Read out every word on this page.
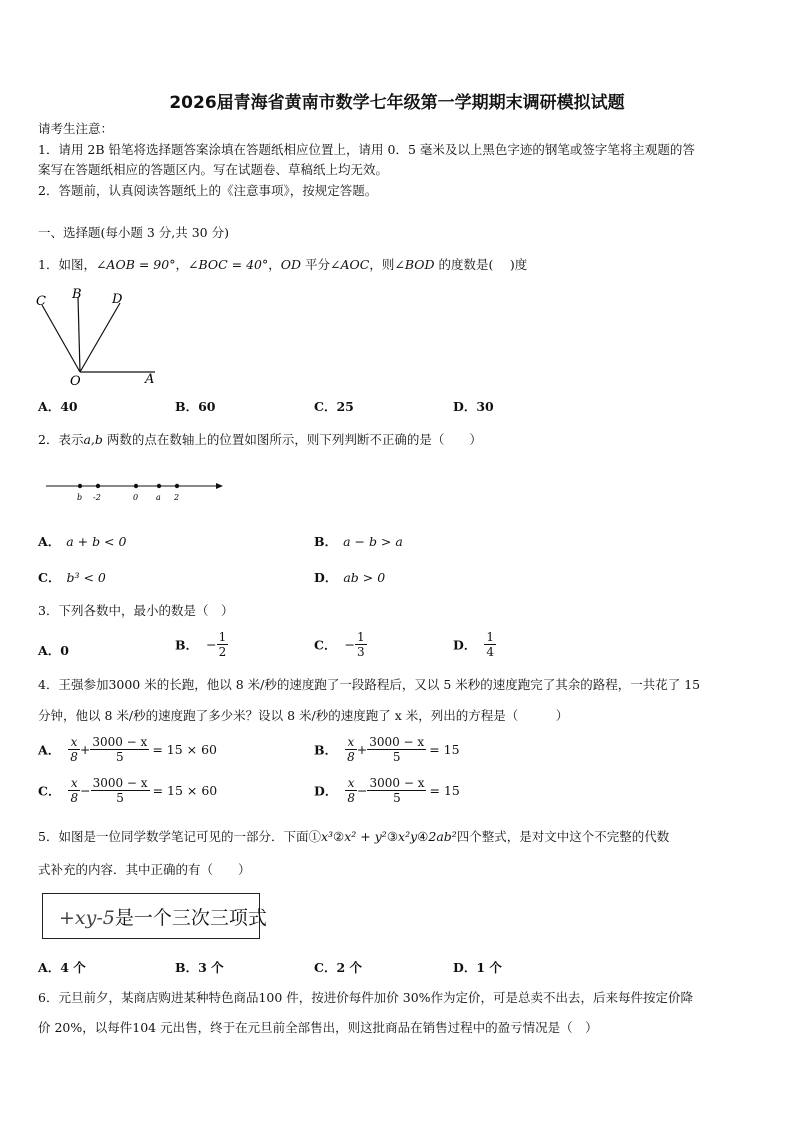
2026届青海省黄南市数学七年级第一学期期末调研模拟试题
请考生注意：
1．请用 2B 铅笔将选择题答案涂填在答题纸相应位置上，请用 0．5 毫米及以上黑色字迹的钢笔或签字笔将主观题的答
案写在答题纸相应的答题区内。写在试题卷、草稿纸上均无效。
2．答题前，认真阅读答题纸上的《注意事项》，按规定答题。
一、选择题(每小题 3 分,共 30 分)
1．如图，∠AOB = 90°，∠BOC = 40°，OD 平分∠AOC，则∠BOD 的度数是(　 )度
C B D
O	A
A．40	B．60	C．25	D．30
2．表示a,b 两数的点在数轴上的位置如图所示，则下列判断不正确的是（　　）
b -2	0 a 2
A． a + b < 0	B． a − b > a
C． b³ < 0	D． ab > 0
3．下列各数中，最小的数是（　）
A．0	B． − $\frac{1}{2}$	C． − $\frac{1}{3}$	D． $\frac{1}{4}$
4．王强参加3000 米的长跑，他以 8 米/秒的速度跑了一段路程后，又以 5 米秒的速度跑完了其余的路程，一共花了 15
分钟，他以 8 米/秒的速度跑了多少米？设以 8 米/秒的速度跑了 x 米，列出的方程是（　　　）
A． $\frac{x}{8} + \frac{3000 - x}{5} = 15 \times 60$	B． $\frac{x}{8} + \frac{3000 - x}{5} = 15$
C． $\frac{x}{8} - \frac{3000 - x}{5} = 15 \times 60$	D． $\frac{x}{8} - \frac{3000 - x}{5} = 15$
5．如图是一位同学数学笔记可见的一部分．下面①x³②x² + y²③x²y④2ab²四个整式，是对文中这个不完整的代数
式补充的内容．其中正确的有（　　）
+xy-5是一个三次三项式
A．4 个	B．3 个	C．2 个	D．1 个
6．元旦前夕，某商店购进某种特色商品100 件，按进价每件加价 30%作为定价，可是总卖不出去，后来每件按定价降
价 20%，以每件104 元出售，终于在元旦前全部售出，则这批商品在销售过程中的盈亏情况是（　）
